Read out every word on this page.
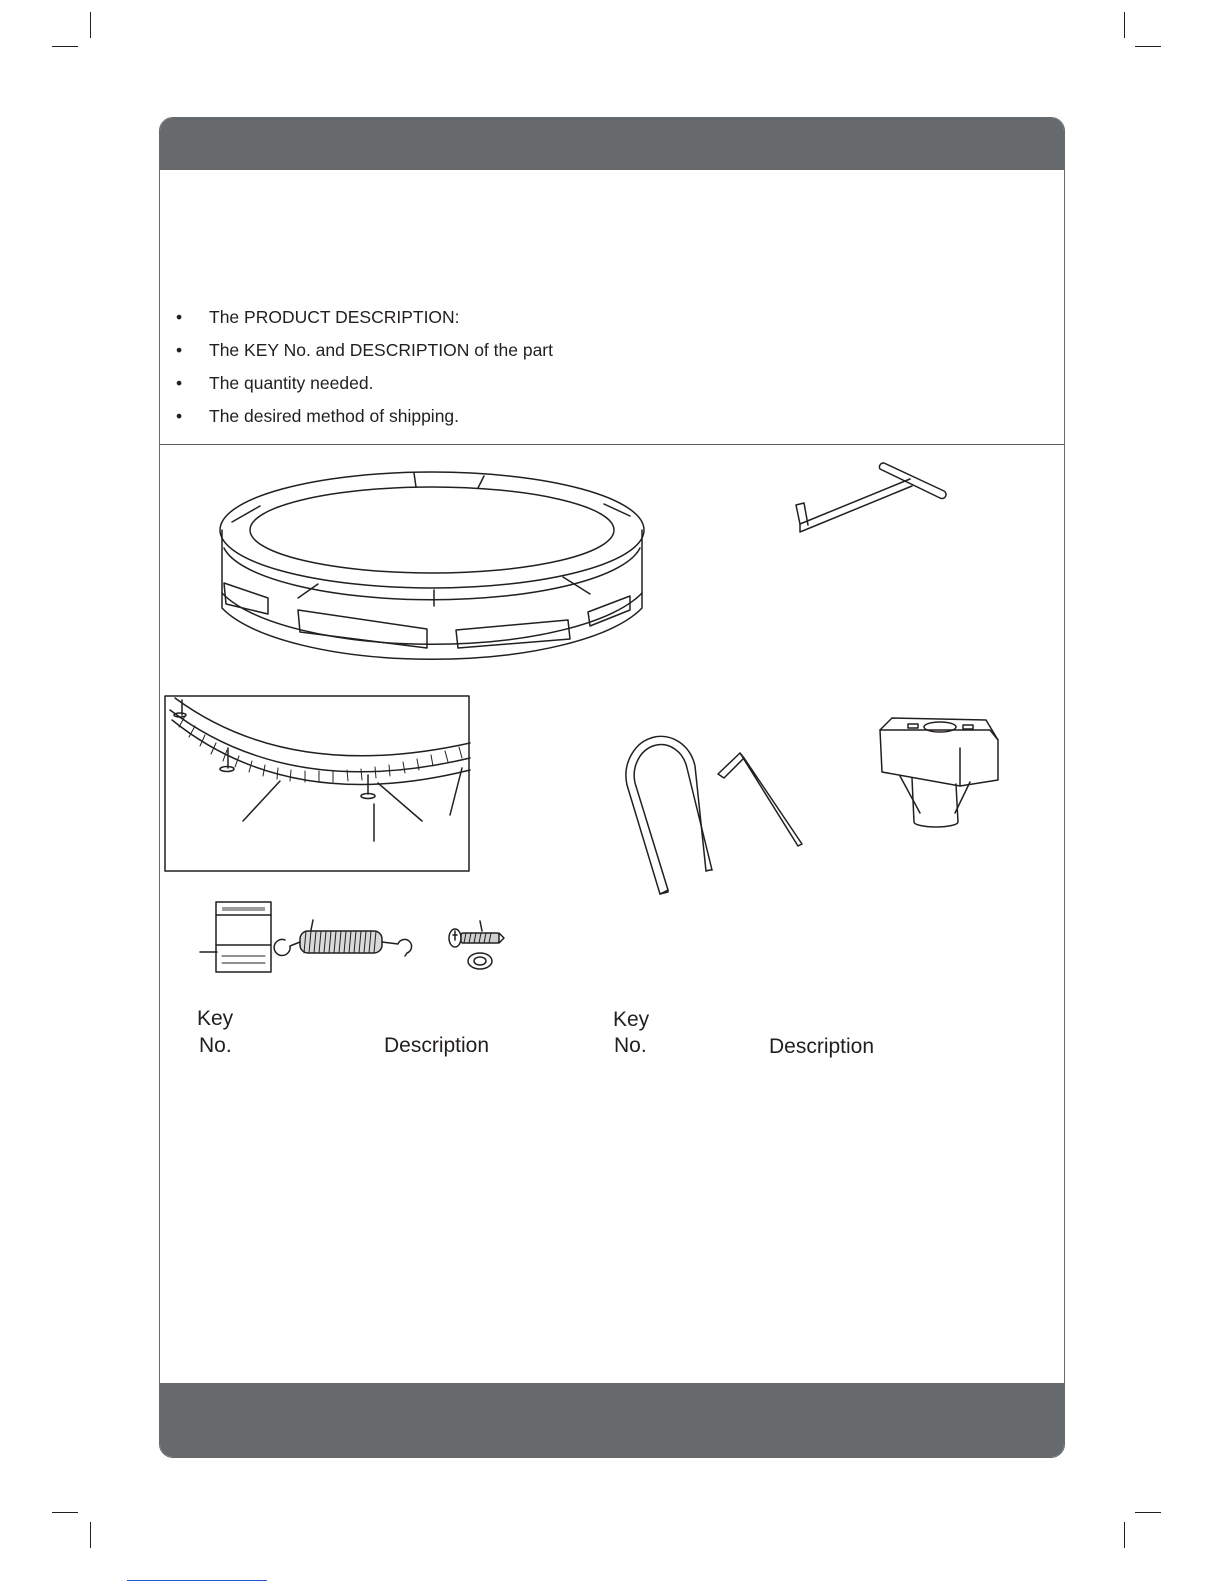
•	The PRODUCT DESCRIPTION:
•	The KEY No. and DESCRIPTION of the part
•	The quantity needed.
•	The desired method of shipping.
Key
No.	Description
Key
No.	Description
